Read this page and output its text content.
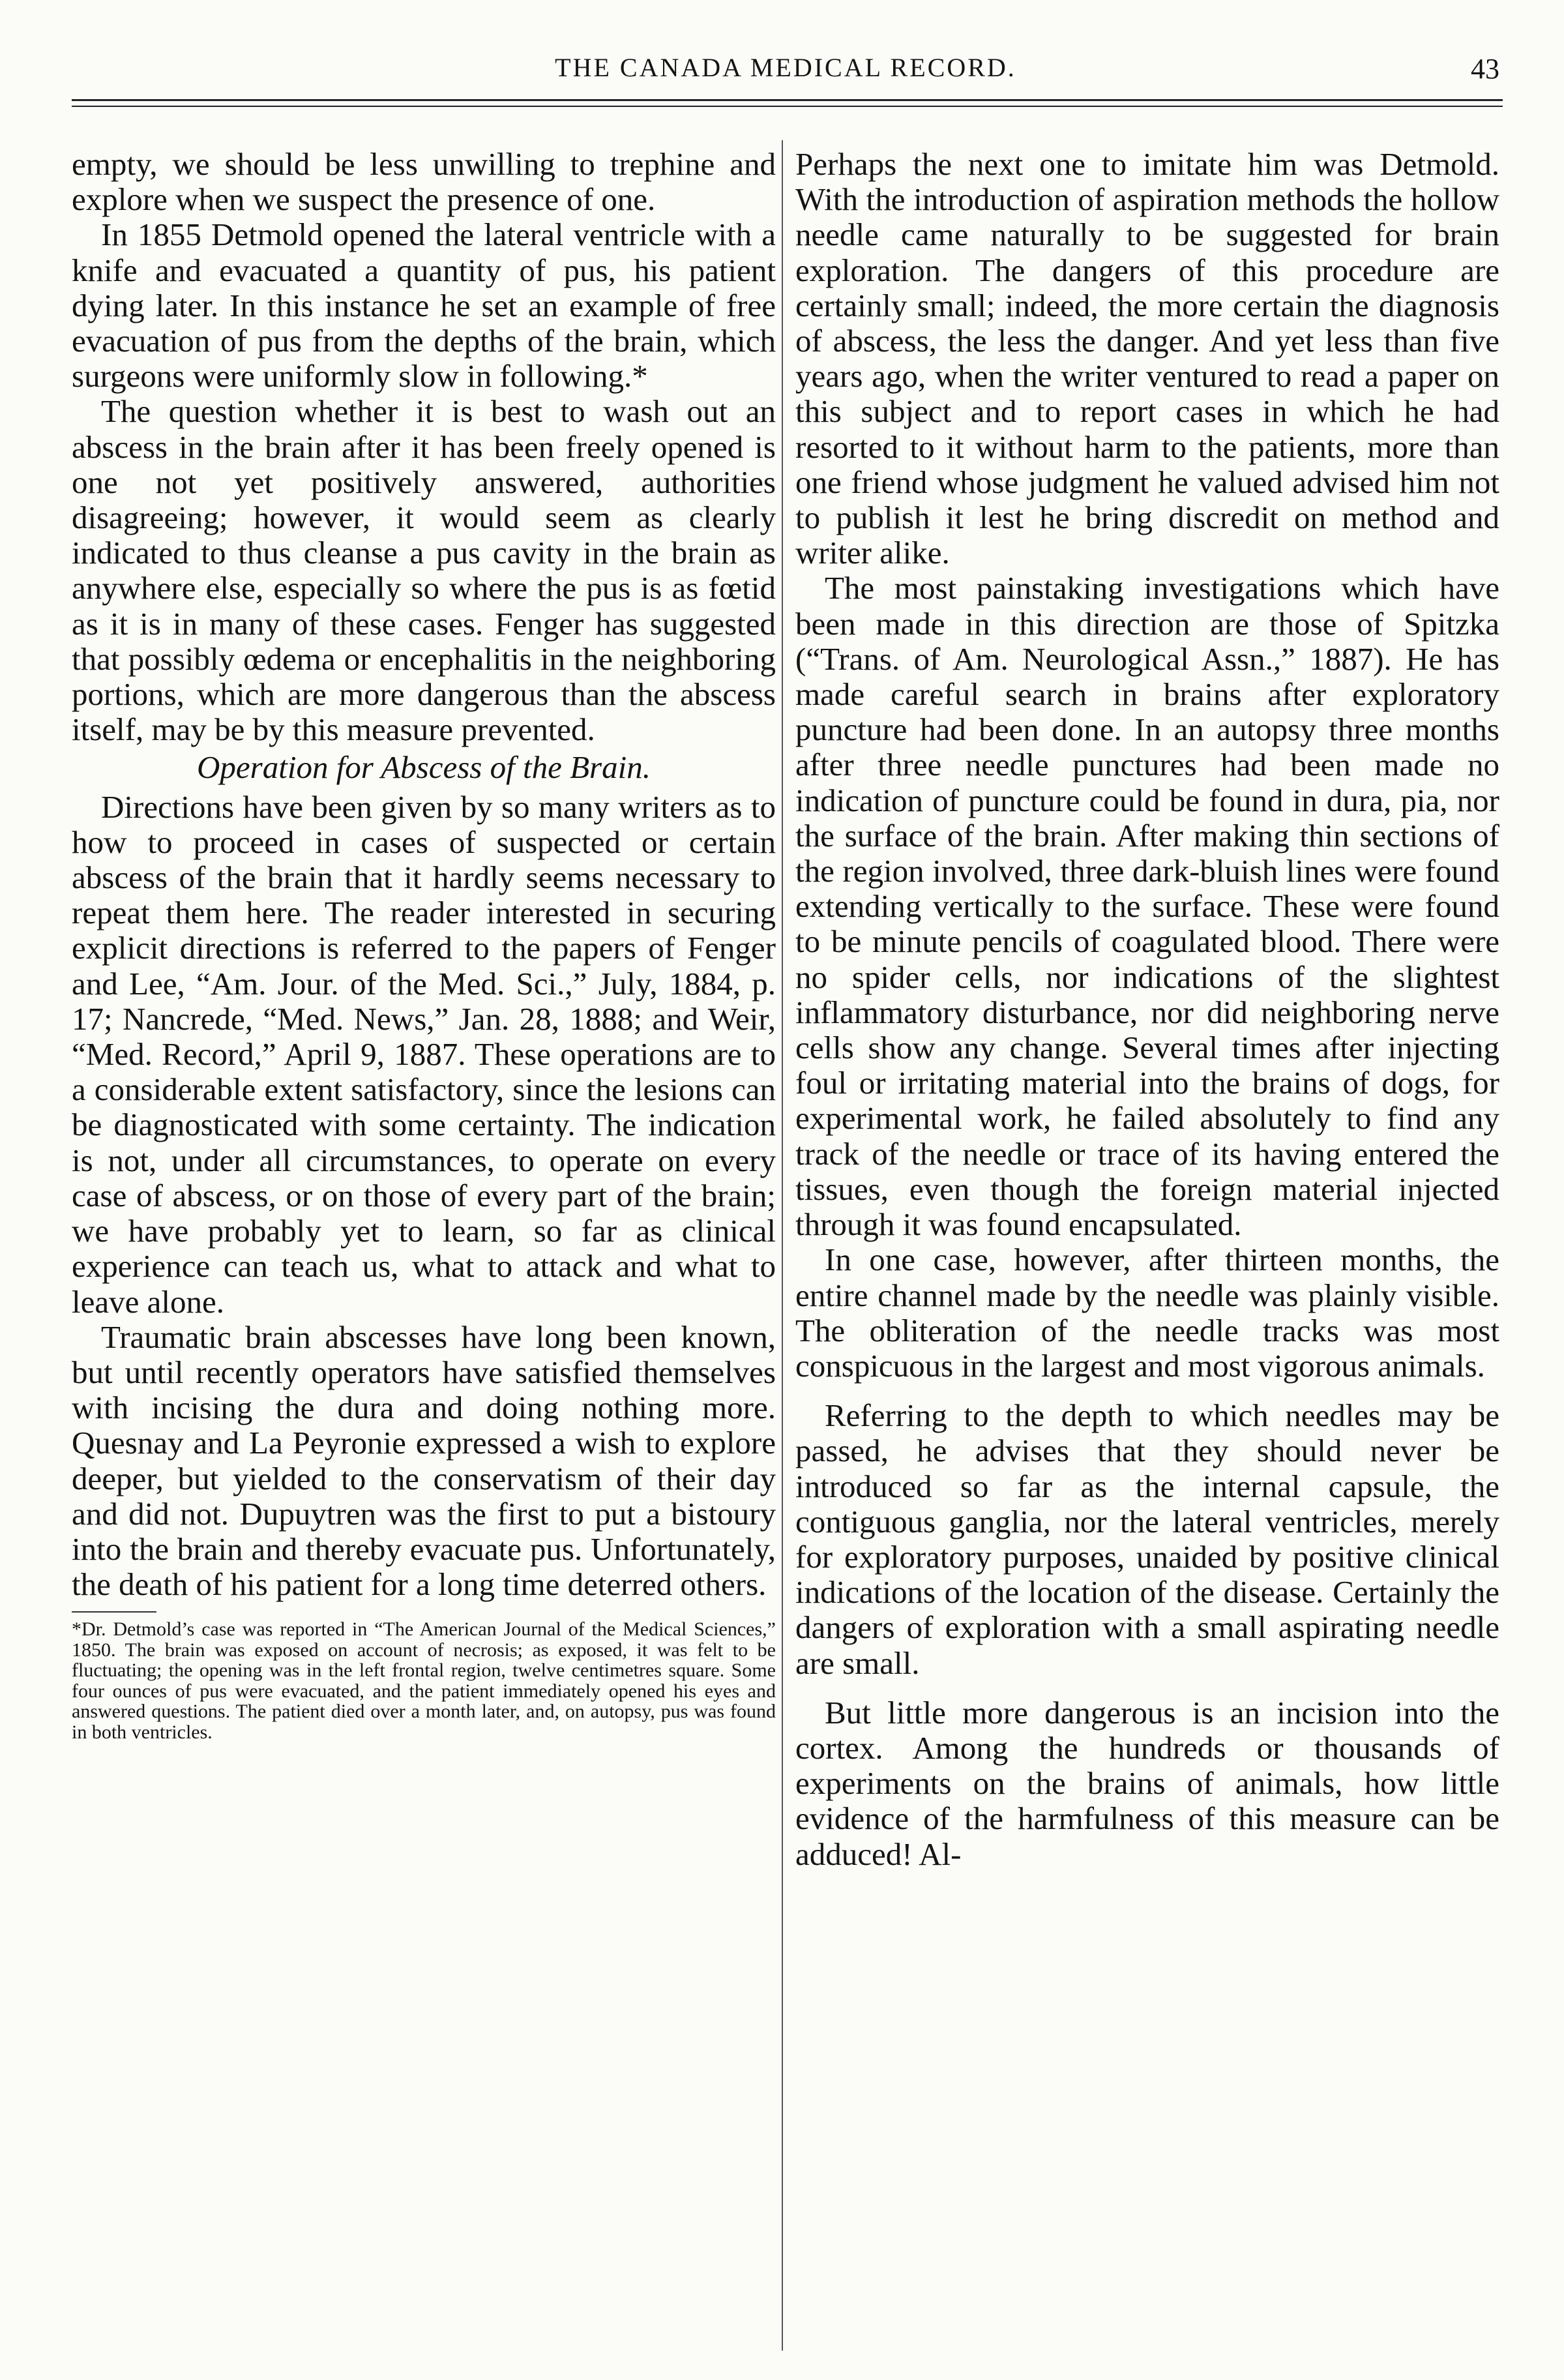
THE CANADA MEDICAL RECORD.	43

empty, we should be less unwilling to trephine and explore when we suspect the presence of one.

In 1855 Detmold opened the lateral ventricle with a knife and evacuated a quantity of pus, his patient dying later. In this instance he set an example of free evacuation of pus from the depths of the brain, which surgeons were uniformly slow in following.*

The question whether it is best to wash out an abscess in the brain after it has been freely opened is one not yet positively answered, authorities disagreeing; however, it would seem as clearly indicated to thus cleanse a pus cavity in the brain as anywhere else, especially so where the pus is as fœtid as it is in many of these cases. Fenger has suggested that possibly œdema or encephalitis in the neighboring portions, which are more dangerous than the abscess itself, may be by this measure prevented.

Operation for Abscess of the Brain.

Directions have been given by so many writers as to how to proceed in cases of suspected or certain abscess of the brain that it hardly seems necessary to repeat them here. The reader interested in securing explicit directions is referred to the papers of Fenger and Lee, “Am. Jour. of the Med. Sci.,” July, 1884, p. 17; Nancrede, “Med. News,” Jan. 28, 1888; and Weir, “Med. Record,” April 9, 1887. These operations are to a considerable extent satisfactory, since the lesions can be diagnosticated with some certainty. The indication is not, under all circumstances, to operate on every case of abscess, or on those of every part of the brain; we have probably yet to learn, so far as clinical experience can teach us, what to attack and what to leave alone.

Traumatic brain abscesses have long been known, but until recently operators have satisfied themselves with incising the dura and doing nothing more. Quesnay and La Peyronie expressed a wish to explore deeper, but yielded to the conservatism of their day and did not. Dupuytren was the first to put a bistoury into the brain and thereby evacuate pus. Unfortunately, the death of his patient for a long time deterred others.

*Dr. Detmold’s case was reported in “The American Journal of the Medical Sciences,” 1850. The brain was exposed on account of necrosis; as exposed, it was felt to be fluctuating; the opening was in the left frontal region, twelve centimetres square. Some four ounces of pus were evacuated, and the patient immediately opened his eyes and answered questions. The patient died over a month later, and, on autopsy, pus was found in both ventricles.

Perhaps the next one to imitate him was Detmold. With the introduction of aspiration methods the hollow needle came naturally to be suggested for brain exploration. The dangers of this procedure are certainly small; indeed, the more certain the diagnosis of abscess, the less the danger. And yet less than five years ago, when the writer ventured to read a paper on this subject and to report cases in which he had resorted to it without harm to the patients, more than one friend whose judgment he valued advised him not to publish it lest he bring discredit on method and writer alike.

The most painstaking investigations which have been made in this direction are those of Spitzka (“Trans. of Am. Neurological Assn.,” 1887). He has made careful search in brains after exploratory puncture had been done. In an autopsy three months after three needle punctures had been made no indication of puncture could be found in dura, pia, nor the surface of the brain. After making thin sections of the region involved, three dark-bluish lines were found extending vertically to the surface. These were found to be minute pencils of coagulated blood. There were no spider cells, nor indications of the slightest inflammatory disturbance, nor did neighboring nerve cells show any change. Several times after injecting foul or irritating material into the brains of dogs, for experimental work, he failed absolutely to find any track of the needle or trace of its having entered the tissues, even though the foreign material injected through it was found encapsulated.

In one case, however, after thirteen months, the entire channel made by the needle was plainly visible. The obliteration of the needle tracks was most conspicuous in the largest and most vigorous animals.

Referring to the depth to which needles may be passed, he advises that they should never be introduced so far as the internal capsule, the contiguous ganglia, nor the lateral ventricles, merely for exploratory purposes, unaided by positive clinical indications of the location of the disease. Certainly the dangers of exploration with a small aspirating needle are small.

But little more dangerous is an incision into the cortex. Among the hundreds or thousands of experiments on the brains of animals, how little evidence of the harmfulness of this measure can be adduced! Al-
